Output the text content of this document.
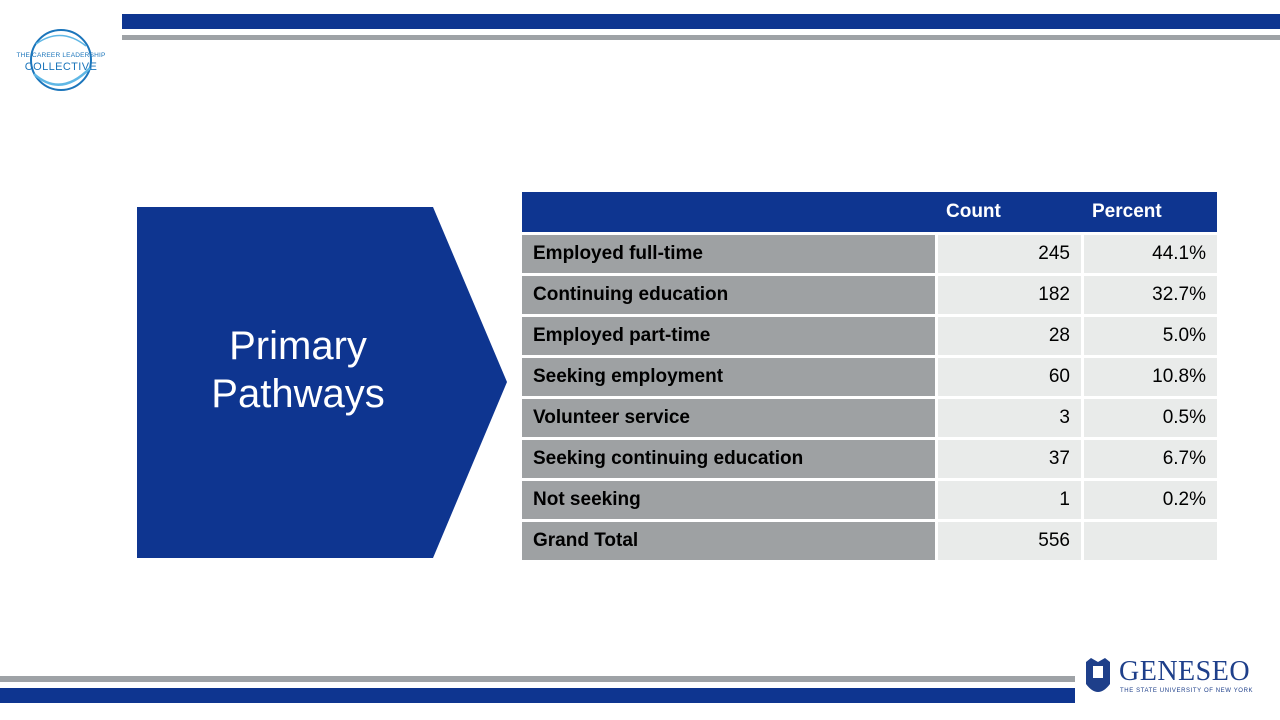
THE CAREER LEADERSHIP
COLLECTIVE
Primary
Pathways
	Count	Percent
Employed full-time	245	44.1%
Continuing education	182	32.7%
Employed part-time	28	5.0%
Seeking employment	60	10.8%
Volunteer service	3	0.5%
Seeking continuing education	37	6.7%
Not seeking	1	0.2%
Grand Total	556	
GENESEO
THE STATE UNIVERSITY OF NEW YORK
